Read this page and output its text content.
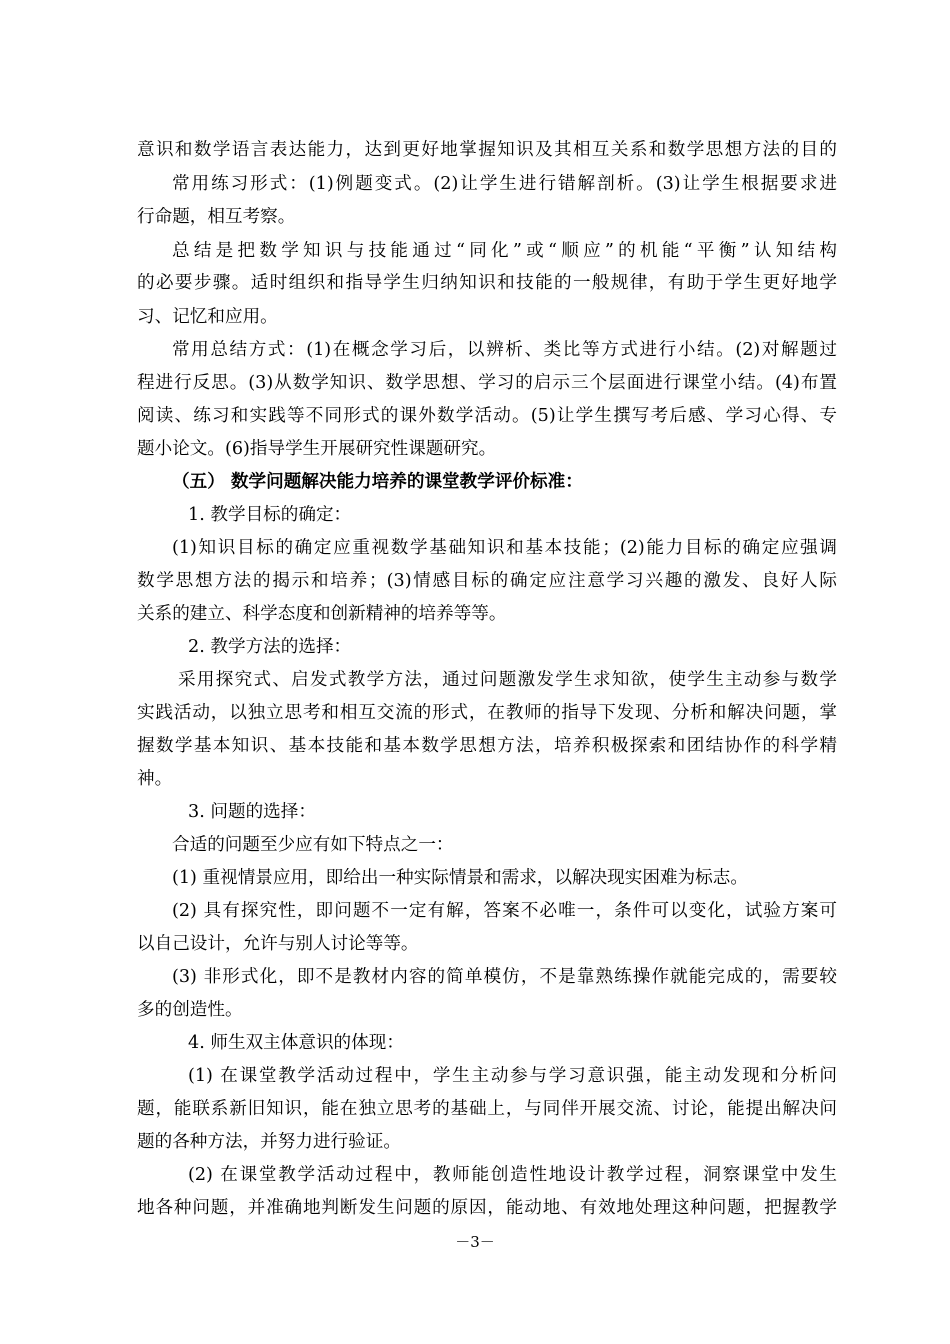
意识和数学语言表达能力，达到更好地掌握知识及其相互关系和数学思想方法的目的
常用练习形式：(1)例题变式。(2)让学生进行错解剖析。(3)让学生根据要求进
行命题，相互考察。
总结是把数学知识与技能通过“同化”或“顺应”的机能“平衡”认知结构
的必要步骤。适时组织和指导学生归纳知识和技能的一般规律，有助于学生更好地学
习、记忆和应用。
常用总结方式：(1)在概念学习后，以辨析、类比等方式进行小结。(2)对解题过
程进行反思。(3)从数学知识、数学思想、学习的启示三个层面进行课堂小结。(4)布置
阅读、练习和实践等不同形式的课外数学活动。(5)让学生撰写考后感、学习心得、专
题小论文。(6)指导学生开展研究性课题研究。
（五） 数学问题解决能力培养的课堂教学评价标准：
1. 教学目标的确定：
(1)知识目标的确定应重视数学基础知识和基本技能；(2)能力目标的确定应强调
数学思想方法的揭示和培养；(3)情感目标的确定应注意学习兴趣的激发、良好人际
关系的建立、科学态度和创新精神的培养等等。
2. 教学方法的选择：
采用探究式、启发式教学方法，通过问题激发学生求知欲，使学生主动参与数学
实践活动，以独立思考和相互交流的形式，在教师的指导下发现、分析和解决问题，掌
握数学基本知识、基本技能和基本数学思想方法，培养积极探索和团结协作的科学精
神。
3. 问题的选择：
合适的问题至少应有如下特点之一：
(1) 重视情景应用，即给出一种实际情景和需求，以解决现实困难为标志。
(2) 具有探究性，即问题不一定有解，答案不必唯一，条件可以变化，试验方案可
以自己设计，允许与别人讨论等等。
(3) 非形式化，即不是教材内容的简单模仿，不是靠熟练操作就能完成的，需要较
多的创造性。
4. 师生双主体意识的体现：
(1) 在课堂教学活动过程中，学生主动参与学习意识强，能主动发现和分析问
题，能联系新旧知识，能在独立思考的基础上，与同伴开展交流、讨论，能提出解决问
题的各种方法，并努力进行验证。
(2) 在课堂教学活动过程中，教师能创造性地设计教学过程，洞察课堂中发生
地各种问题，并准确地判断发生问题的原因，能动地、有效地处理这种问题，把握教学
－3－
